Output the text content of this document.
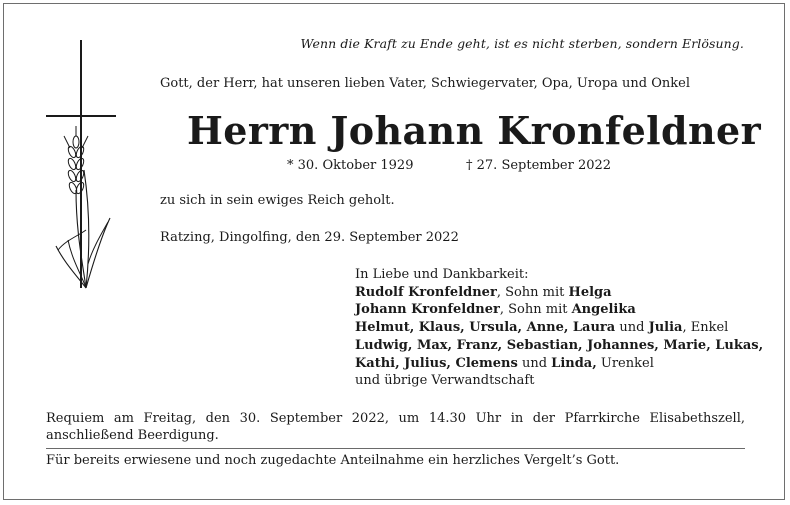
Wenn die Kraft zu Ende geht, ist es nicht sterben, sondern Erlösung.
Gott, der Herr, hat unseren lieben Vater, Schwiegervater, Opa, Uropa und Onkel
Herrn Johann Kronfeldner
* 30. Oktober 1929	† 27. September 2022
zu sich in sein ewiges Reich geholt.
Ratzing, Dingolfing, den 29. September 2022
In Liebe und Dankbarkeit:
Rudolf Kronfeldner, Sohn mit Helga
Johann Kronfeldner, Sohn mit Angelika
Helmut, Klaus, Ursula, Anne, Laura und Julia, Enkel
Ludwig, Max, Franz, Sebastian, Johannes, Marie, Lukas,
Kathi, Julius, Clemens und Linda, Urenkel
und übrige Verwandtschaft
Requiem am Freitag, den 30. September 2022, um 14.30 Uhr in der Pfarrkirche Elisabethszell, anschließend Beerdigung.
Für bereits erwiesene und noch zugedachte Anteilnahme ein herzliches Vergelt’s Gott.
